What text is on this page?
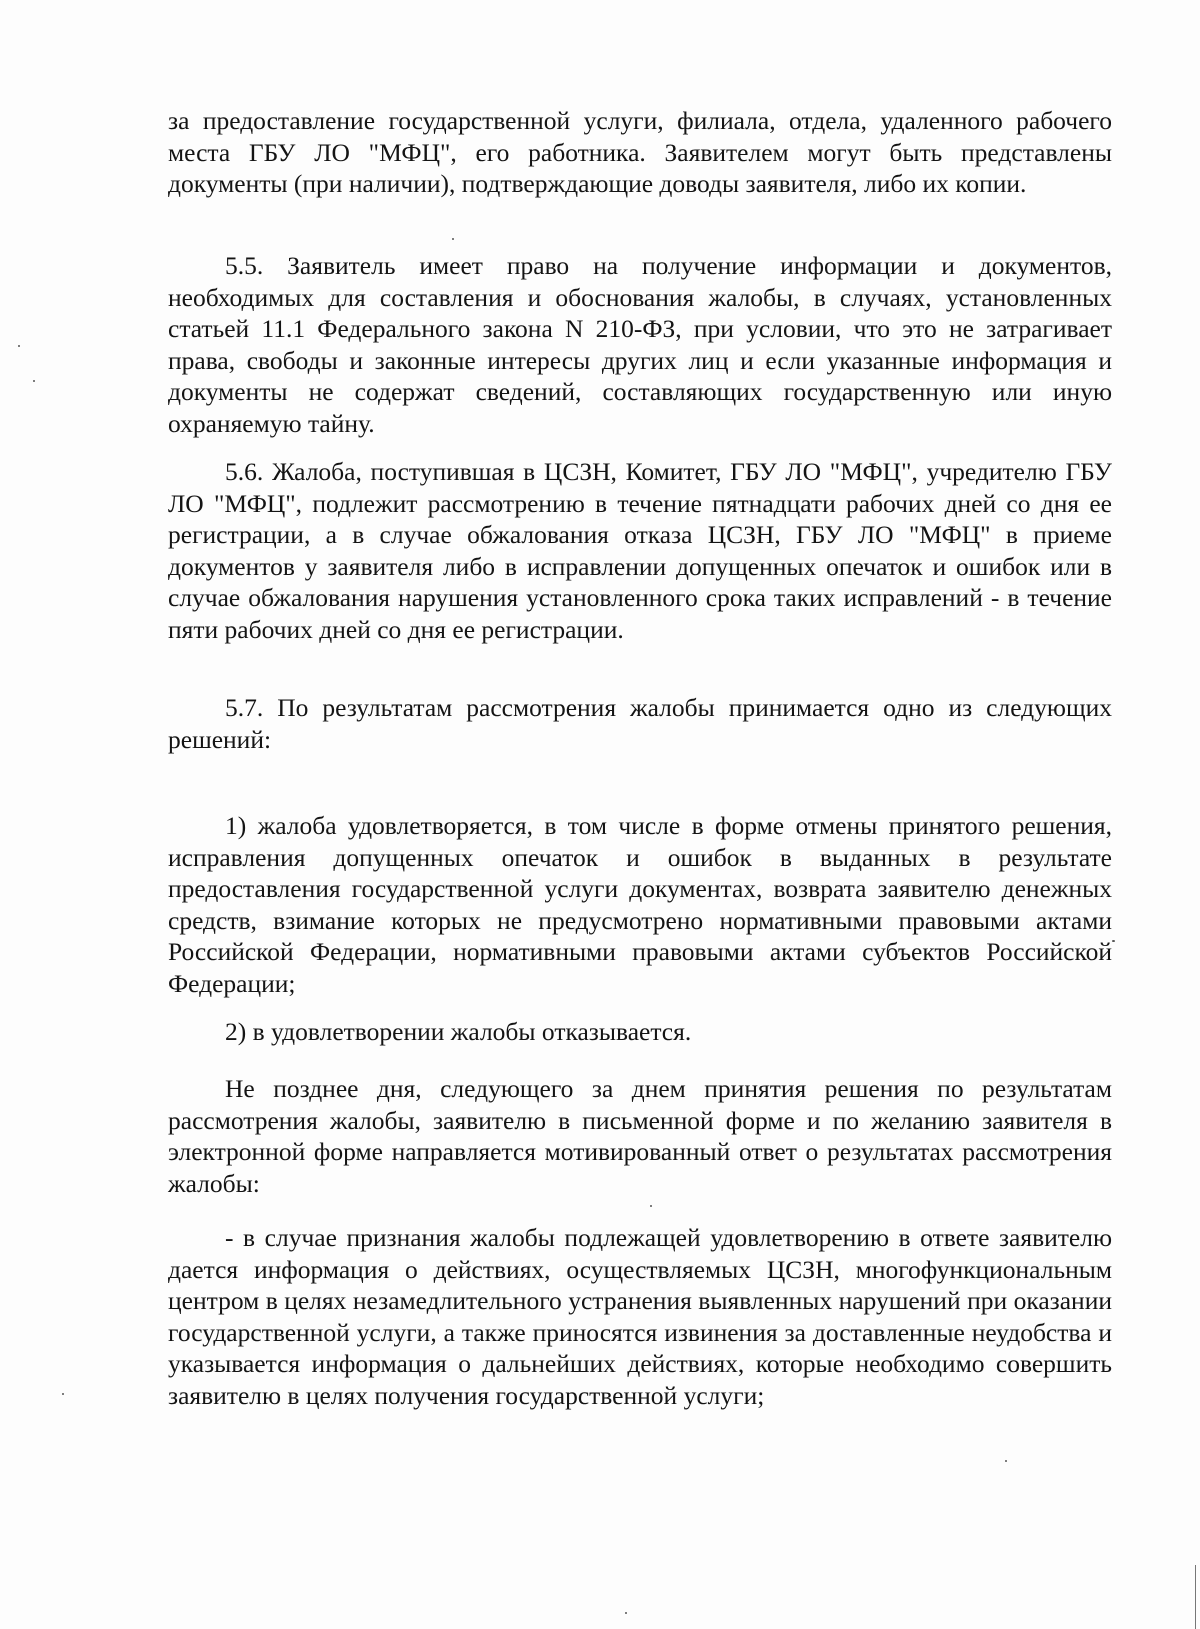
за предоставление государственной услуги, филиала, отдела, удаленного рабочего места ГБУ ЛО "МФЦ", его работника. Заявителем могут быть представлены документы (при наличии), подтверждающие доводы заявителя, либо их копии.

5.5. Заявитель имеет право на получение информации и документов, необходимых для составления и обоснования жалобы, в случаях, установленных статьей 11.1 Федерального закона N 210-ФЗ, при условии, что это не затрагивает права, свободы и законные интересы других лиц и если указанные информация и документы не содержат сведений, составляющих государственную или иную охраняемую тайну.

5.6. Жалоба, поступившая в ЦСЗН, Комитет, ГБУ ЛО "МФЦ", учредителю ГБУ ЛО "МФЦ", подлежит рассмотрению в течение пятнадцати рабочих дней со дня ее регистрации, а в случае обжалования отказа ЦСЗН, ГБУ ЛО "МФЦ" в приеме документов у заявителя либо в исправлении допущенных опечаток и ошибок или в случае обжалования нарушения установленного срока таких исправлений - в течение пяти рабочих дней со дня ее регистрации.

5.7. По результатам рассмотрения жалобы принимается одно из следующих решений:

1) жалоба удовлетворяется, в том числе в форме отмены принятого решения, исправления допущенных опечаток и ошибок в выданных в результате предоставления государственной услуги документах, возврата заявителю денежных средств, взимание которых не предусмотрено нормативными правовыми актами Российской Федерации, нормативными правовыми актами субъектов Российской Федерации;

2) в удовлетворении жалобы отказывается.

Не позднее дня, следующего за днем принятия решения по результатам рассмотрения жалобы, заявителю в письменной форме и по желанию заявителя в электронной форме направляется мотивированный ответ о результатах рассмотрения жалобы:

- в случае признания жалобы подлежащей удовлетворению в ответе заявителю дается информация о действиях, осуществляемых ЦСЗН, многофункциональным центром в целях незамедлительного устранения выявленных нарушений при оказании государственной услуги, а также приносятся извинения за доставленные неудобства и указывается информация о дальнейших действиях, которые необходимо совершить заявителю в целях получения государственной услуги;
